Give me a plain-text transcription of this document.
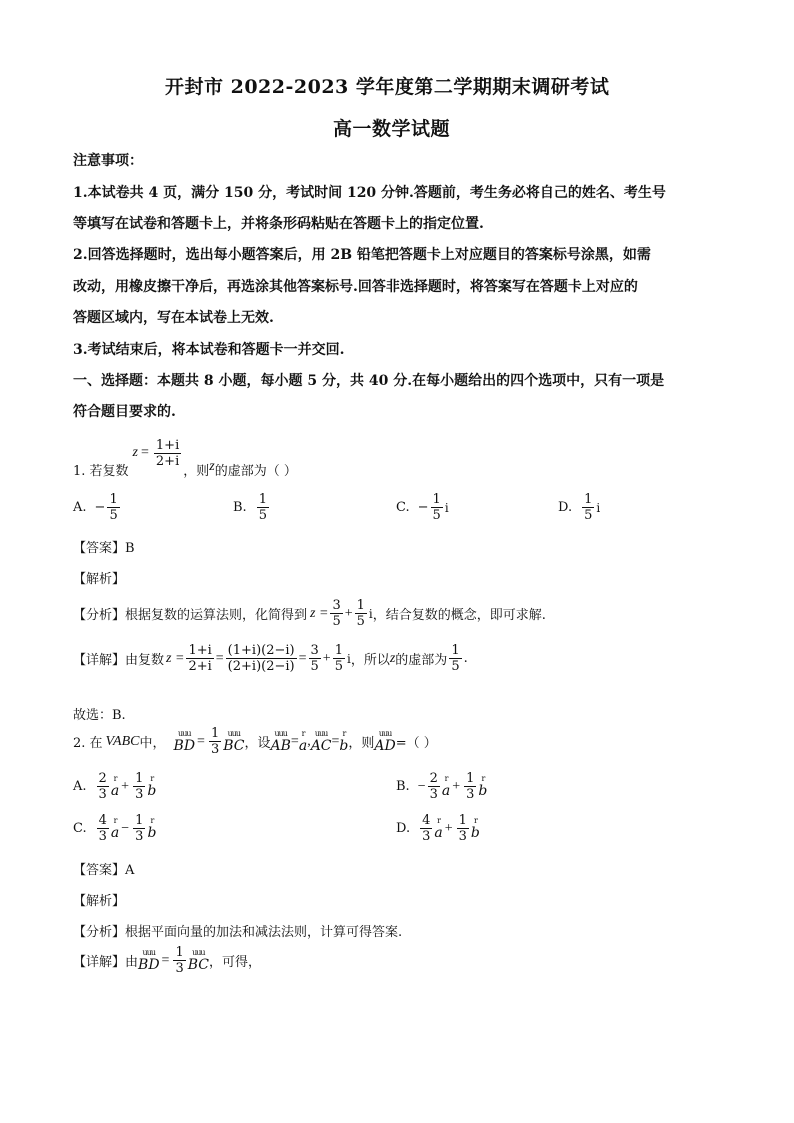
开封市 2022-2023 学年度第二学期期末调研考试
高一数学试题
注意事项：
1.本试卷共 4 页，满分 150 分，考试时间 120 分钟.答题前，考生务必将自己的姓名、考生号
等填写在试卷和答题卡上，并将条形码粘贴在答题卡上的指定位置.
2.回答选择题时，选出每小题答案后，用 2B 铅笔把答题卡上对应题目的答案标号涂黑，如需
改动，用橡皮擦干净后，再选涂其他答案标号.回答非选择题时，将答案写在答题卡上对应的
答题区域内，写在本试卷上无效.
3.考试结束后，将本试卷和答题卡一并交回.
一、选择题：本题共 8 小题，每小题 5 分，共 40 分.在每小题给出的四个选项中，只有一项是
符合题目要求的.
1. 若复数
$z = \frac{1+i}{2+i}$
，则 z 的虚部为（ ）
A. − $\frac{1}{5}$	B. $\frac{1}{5}$	C. − $\frac{1}{5}$ i	D. $\frac{1}{5}$ i
【答案】B
【解析】
【分析】 根据复数的运算法则，化简得到 $z = \frac{3}{5} + \frac{1}{5}$ i ，结合复数的概念，即可求解.
【详解】 由复数 $z = \frac{1+i}{2+i} = \frac{(1+i)(2-i)}{(2+i)(2-i)} = \frac{3}{5} + \frac{1}{5}$ i ，所以 z 的虚部为 $\frac{1}{5}$ .
故选：B.
2. 在 VABC 中，
uuu
BD = $\frac{1}{3}$ uuu
BC ，设
uuu
AB = r
a , uuu
AC = r
b ，则
uuu
AD =（ ）
A. $\frac{2}{3}$ r
$a + \frac{1}{3}$ r
b	B. − $\frac{2}{3}$ r
$a + \frac{1}{3}$ r
b
C. $\frac{4}{3}$ r
$a - \frac{1}{3}$ r
b	D. $\frac{4}{3}$ r
$a + \frac{1}{3}$ r
b
【答案】A
【解析】
【分析】根据平面向量的加法和减法法则，计算可得答案.
【详解】 由
uuu
BD = $\frac{1}{3}$ uuu
BC ，可得，
